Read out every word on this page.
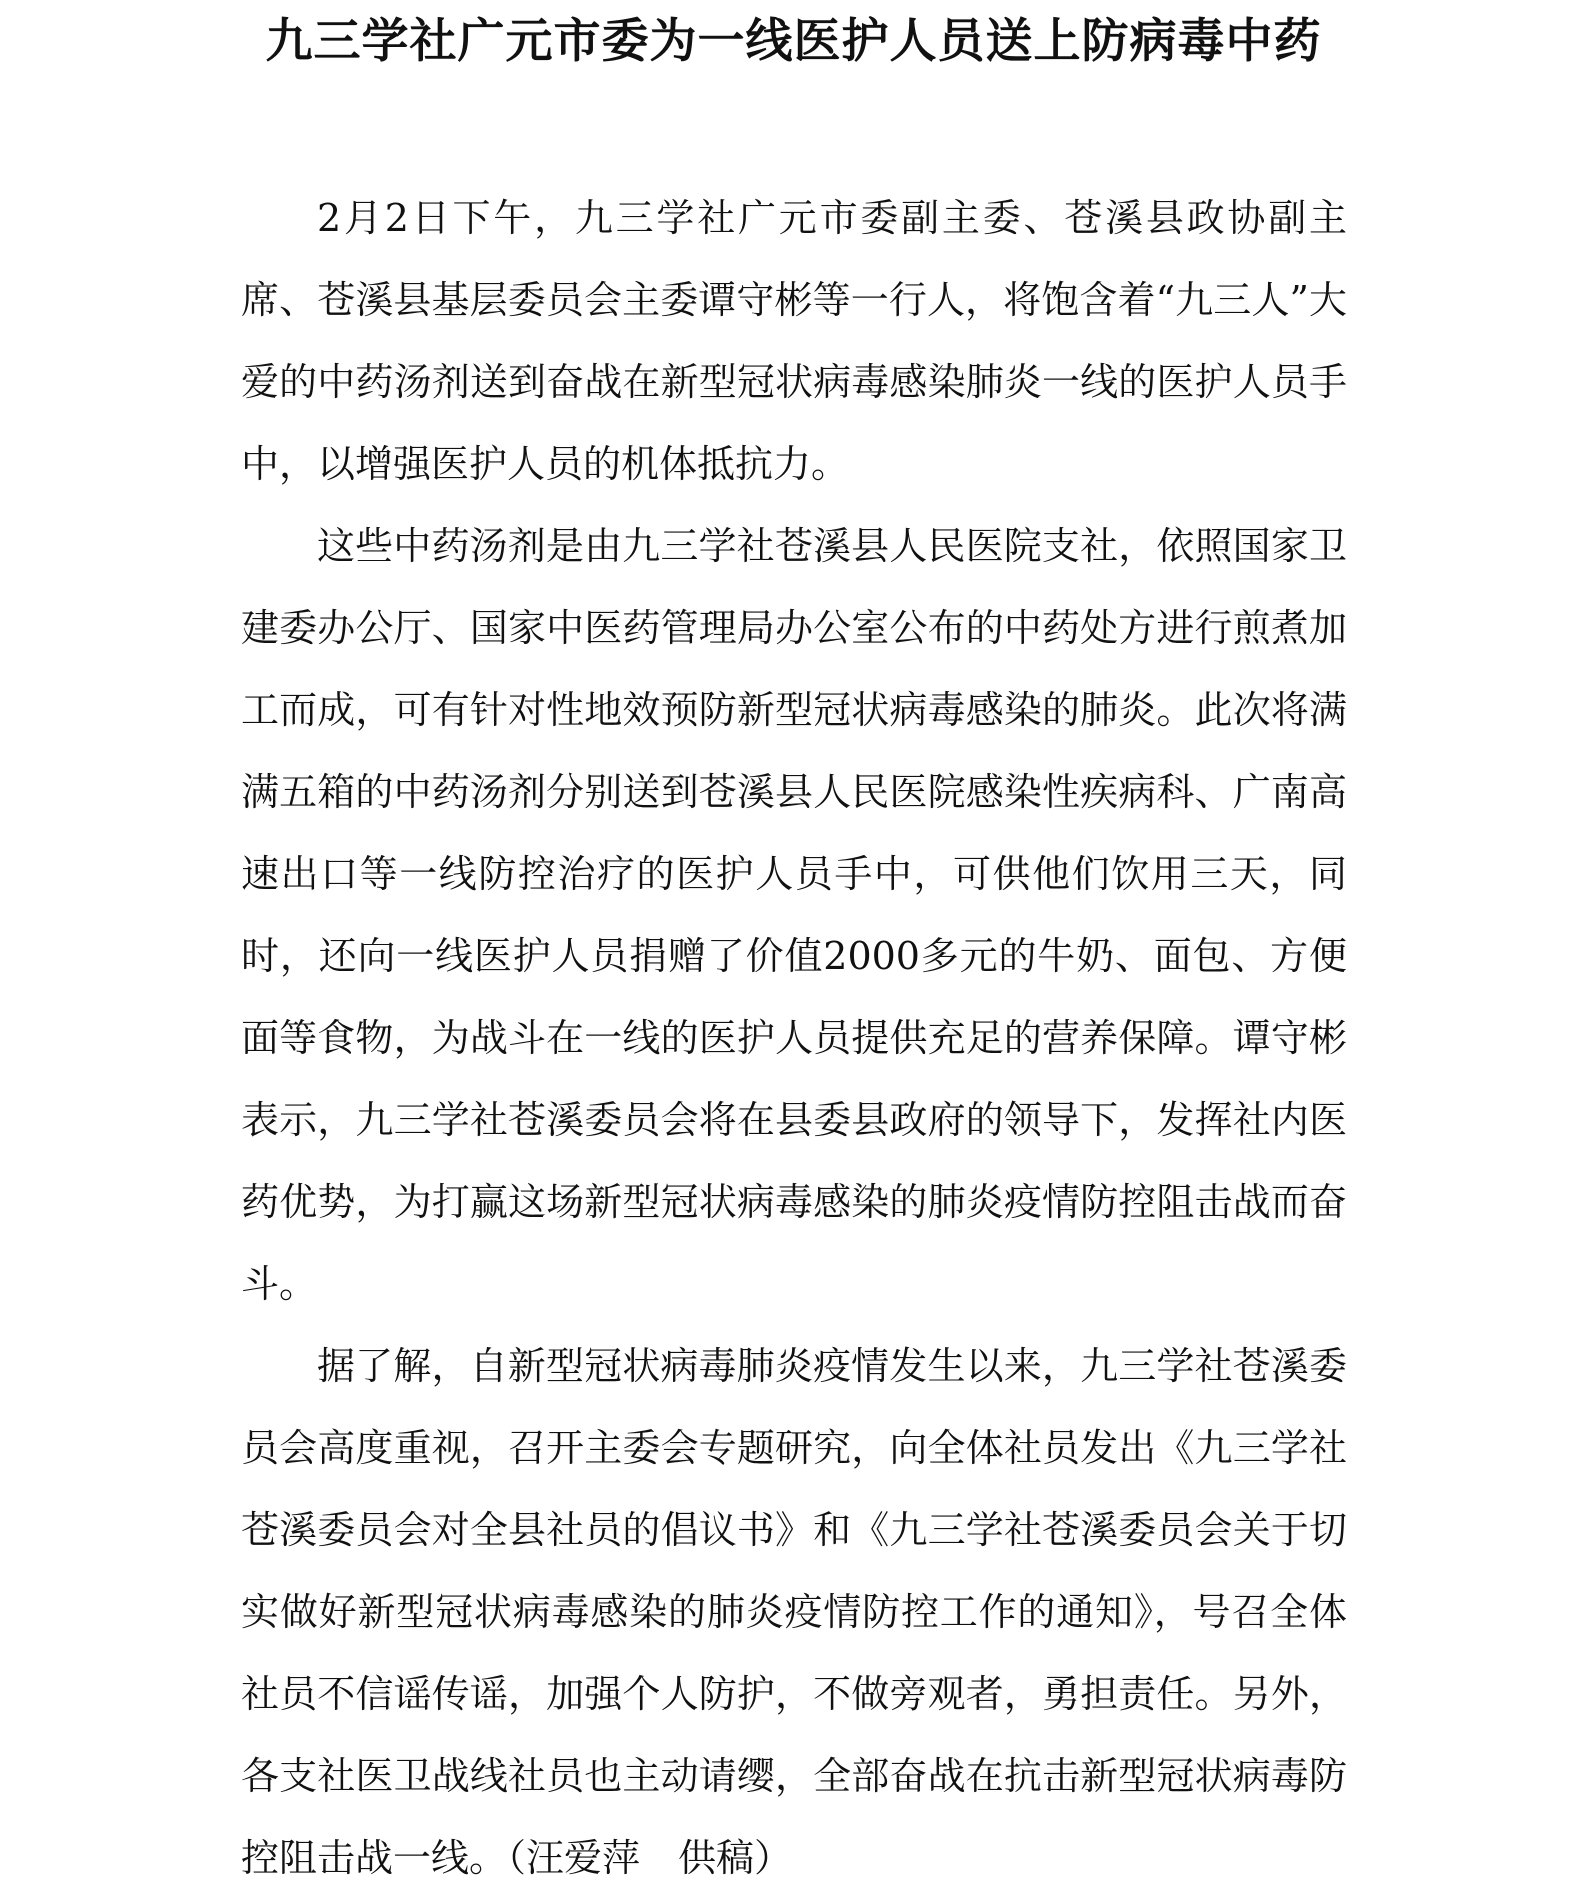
九三学社广元市委为一线医护人员送上防病毒中药

2月2日下午，九三学社广元市委副主委、苍溪县政协副主席、苍溪县基层委员会主委谭守彬等一行人，将饱含着“九三人”大爱的中药汤剂送到奋战在新型冠状病毒感染肺炎一线的医护人员手中，以增强医护人员的机体抵抗力。

这些中药汤剂是由九三学社苍溪县人民医院支社，依照国家卫建委办公厅、国家中医药管理局办公室公布的中药处方进行煎煮加工而成，可有针对性地效预防新型冠状病毒感染的肺炎。此次将满满五箱的中药汤剂分别送到苍溪县人民医院感染性疾病科、广南高速出口等一线防控治疗的医护人员手中，可供他们饮用三天，同时，还向一线医护人员捐赠了价值2000多元的牛奶、面包、方便面等食物，为战斗在一线的医护人员提供充足的营养保障。谭守彬表示，九三学社苍溪委员会将在县委县政府的领导下，发挥社内医药优势，为打赢这场新型冠状病毒感染的肺炎疫情防控阻击战而奋斗。

据了解，自新型冠状病毒肺炎疫情发生以来，九三学社苍溪委员会高度重视，召开主委会专题研究，向全体社员发出《九三学社苍溪委员会对全县社员的倡议书》和《九三学社苍溪委员会关于切实做好新型冠状病毒感染的肺炎疫情防控工作的通知》，号召全体社员不信谣传谣，加强个人防护，不做旁观者，勇担责任。另外，各支社医卫战线社员也主动请缨，全部奋战在抗击新型冠状病毒防控阻击战一线。（汪爱萍　供稿）
